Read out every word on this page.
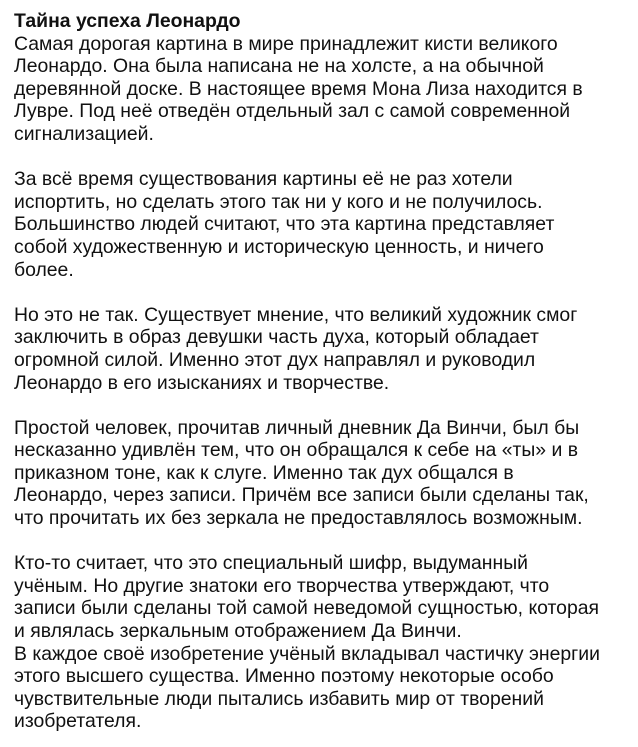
Тайна успеха Леонардо

Самая дорогая картина в мире принадлежит кисти великого
Леонардо. Она была написана не на холсте, а на обычной
деревянной доске. В настоящее время Мона Лиза находится в
Лувре. Под неё отведён отдельный зал с самой современной
сигнализацией.

За всё время существования картины её не раз хотели
испортить, но сделать этого так ни у кого и не получилось.
Большинство людей считают, что эта картина представляет
собой художественную и историческую ценность, и ничего
более.

Но это не так. Существует мнение, что великий художник смог
заключить в образ девушки часть духа, который обладает
огромной силой. Именно этот дух направлял и руководил
Леонардо в его изысканиях и творчестве.

Простой человек, прочитав личный дневник Да Винчи, был бы
несказанно удивлён тем, что он обращался к себе на «ты» и в
приказном тоне, как к слуге. Именно так дух общался в
Леонардо, через записи. Причём все записи были сделаны так,
что прочитать их без зеркала не предоставлялось возможным.

Кто-то считает, что это специальный шифр, выдуманный
учёным. Но другие знатоки его творчества утверждают, что
записи были сделаны той самой неведомой сущностью, которая
и являлась зеркальным отображением Да Винчи.

В каждое своё изобретение учёный вкладывал частичку энергии
этого высшего существа. Именно поэтому некоторые особо
чувствительные люди пытались избавить мир от творений
изобретателя.
